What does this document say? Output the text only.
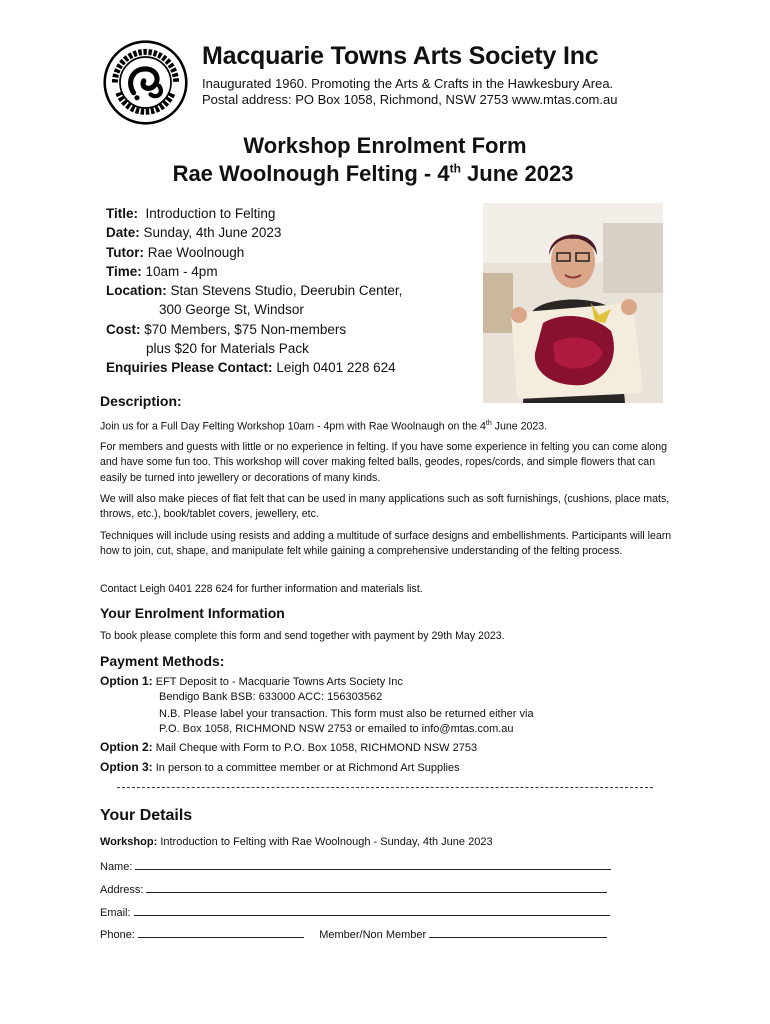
Macquarie Towns Arts Society Inc
Inaugurated 1960. Promoting the Arts & Crafts in the Hawkesbury Area.
Postal address: PO Box 1058, Richmond, NSW 2753 www.mtas.com.au
Workshop Enrolment Form
Rae Woolnough Felting - 4th June 2023
Title: Introduction to Felting
Date: Sunday, 4th June 2023
Tutor: Rae Woolnough
Time: 10am - 4pm
Location: Stan Stevens Studio, Deerubin Center,
300 George St, Windsor
Cost: $70 Members, $75 Non-members
plus $20 for Materials Pack
Enquiries Please Contact: Leigh 0401 228 624
Description:
Join us for a Full Day Felting Workshop 10am - 4pm with Rae Woolnaugh on the 4th June 2023.
For members and guests with little or no experience in felting. If you have some experience in felting you can come along and have some fun too. This workshop will cover making felted balls, geodes, ropes/cords, and simple flowers that can easily be turned into jewellery or decorations of many kinds.
We will also make pieces of flat felt that can be used in many applications such as soft furnishings, (cushions, place mats, throws, etc.), book/tablet covers, jewellery, etc.
Techniques will include using resists and adding a multitude of surface designs and embellishments. Participants will learn how to join, cut, shape, and manipulate felt while gaining a comprehensive understanding of the felting process.
Contact Leigh 0401 228 624 for further information and materials list.
Your Enrolment Information
To book please complete this form and send together with payment by 29th May 2023.
Payment Methods:
Option 1: EFT Deposit to - Macquarie Towns Arts Society Inc
Bendigo Bank BSB: 633000 ACC: 156303562
N.B. Please label your transaction. This form must also be returned either via
P.O. Box 1058, RICHMOND NSW 2753 or emailed to info@mtas.com.au
Option 2: Mail Cheque with Form to P.O. Box 1058, RICHMOND NSW 2753
Option 3: In person to a committee member or at Richmond Art Supplies
Your Details
Workshop: Introduction to Felting with Rae Woolnough - Sunday, 4th June 2023
Name:
Address:
Email:
Phone:	Member/Non Member
